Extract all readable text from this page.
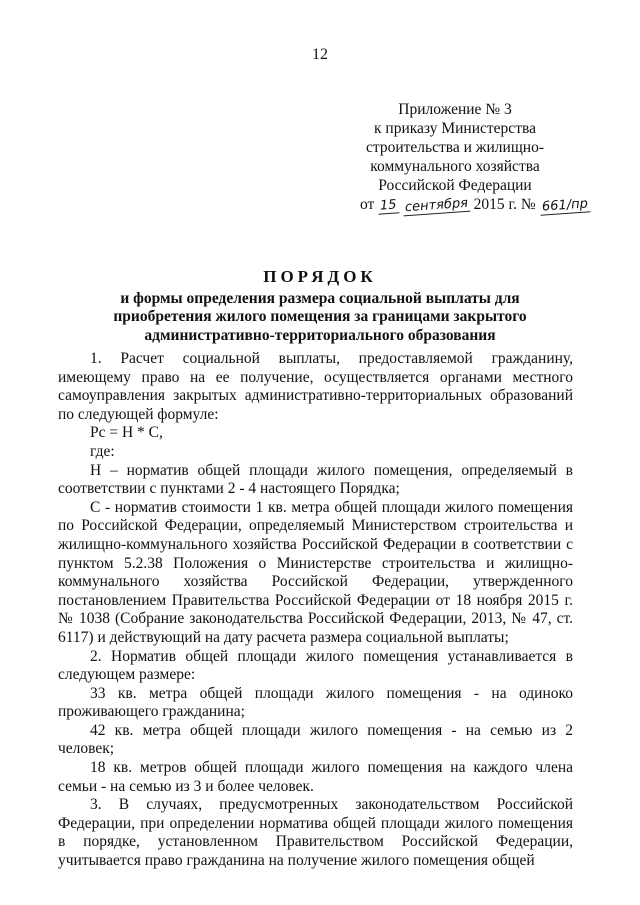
12
Приложение № 3
к приказу Министерства
строительства и жилищно-
коммунального хозяйства
Российской Федерации
от 15 сентября 2015 г. № 661/пр
ПОРЯДОК
и формы определения размера социальной выплаты для приобретения жилого помещения за границами закрытого административно-территориального образования

1. Расчет социальной выплаты, предоставляемой гражданину, имеющему право на ее получение, осуществляется органами местного самоуправления закрытых административно-территориальных образований по следующей формуле:

Рс = Н * С,

где:

Н – норматив общей площади жилого помещения, определяемый в соответствии с пунктами 2 - 4 настоящего Порядка;

С - норматив стоимости 1 кв. метра общей площади жилого помещения по Российской Федерации, определяемый Министерством строительства и жилищно-коммунального хозяйства Российской Федерации в соответствии с пунктом 5.2.38 Положения о Министерстве строительства и жилищно-коммунального хозяйства Российской Федерации, утвержденного постановлением Правительства Российской Федерации от 18 ноября 2015 г. № 1038 (Собрание законодательства Российской Федерации, 2013, № 47, ст. 6117) и действующий на дату расчета размера социальной выплаты;

2. Норматив общей площади жилого помещения устанавливается в следующем размере:

33 кв. метра общей площади жилого помещения - на одиноко проживающего гражданина;

42 кв. метра общей площади жилого помещения - на семью из 2 человек;

18 кв. метров общей площади жилого помещения на каждого члена семьи - на семью из 3 и более человек.

3. В случаях, предусмотренных законодательством Российской Федерации, при определении норматива общей площади жилого помещения в порядке, установленном Правительством Российской Федерации, учитывается право гражданина на получение жилого помещения общей
